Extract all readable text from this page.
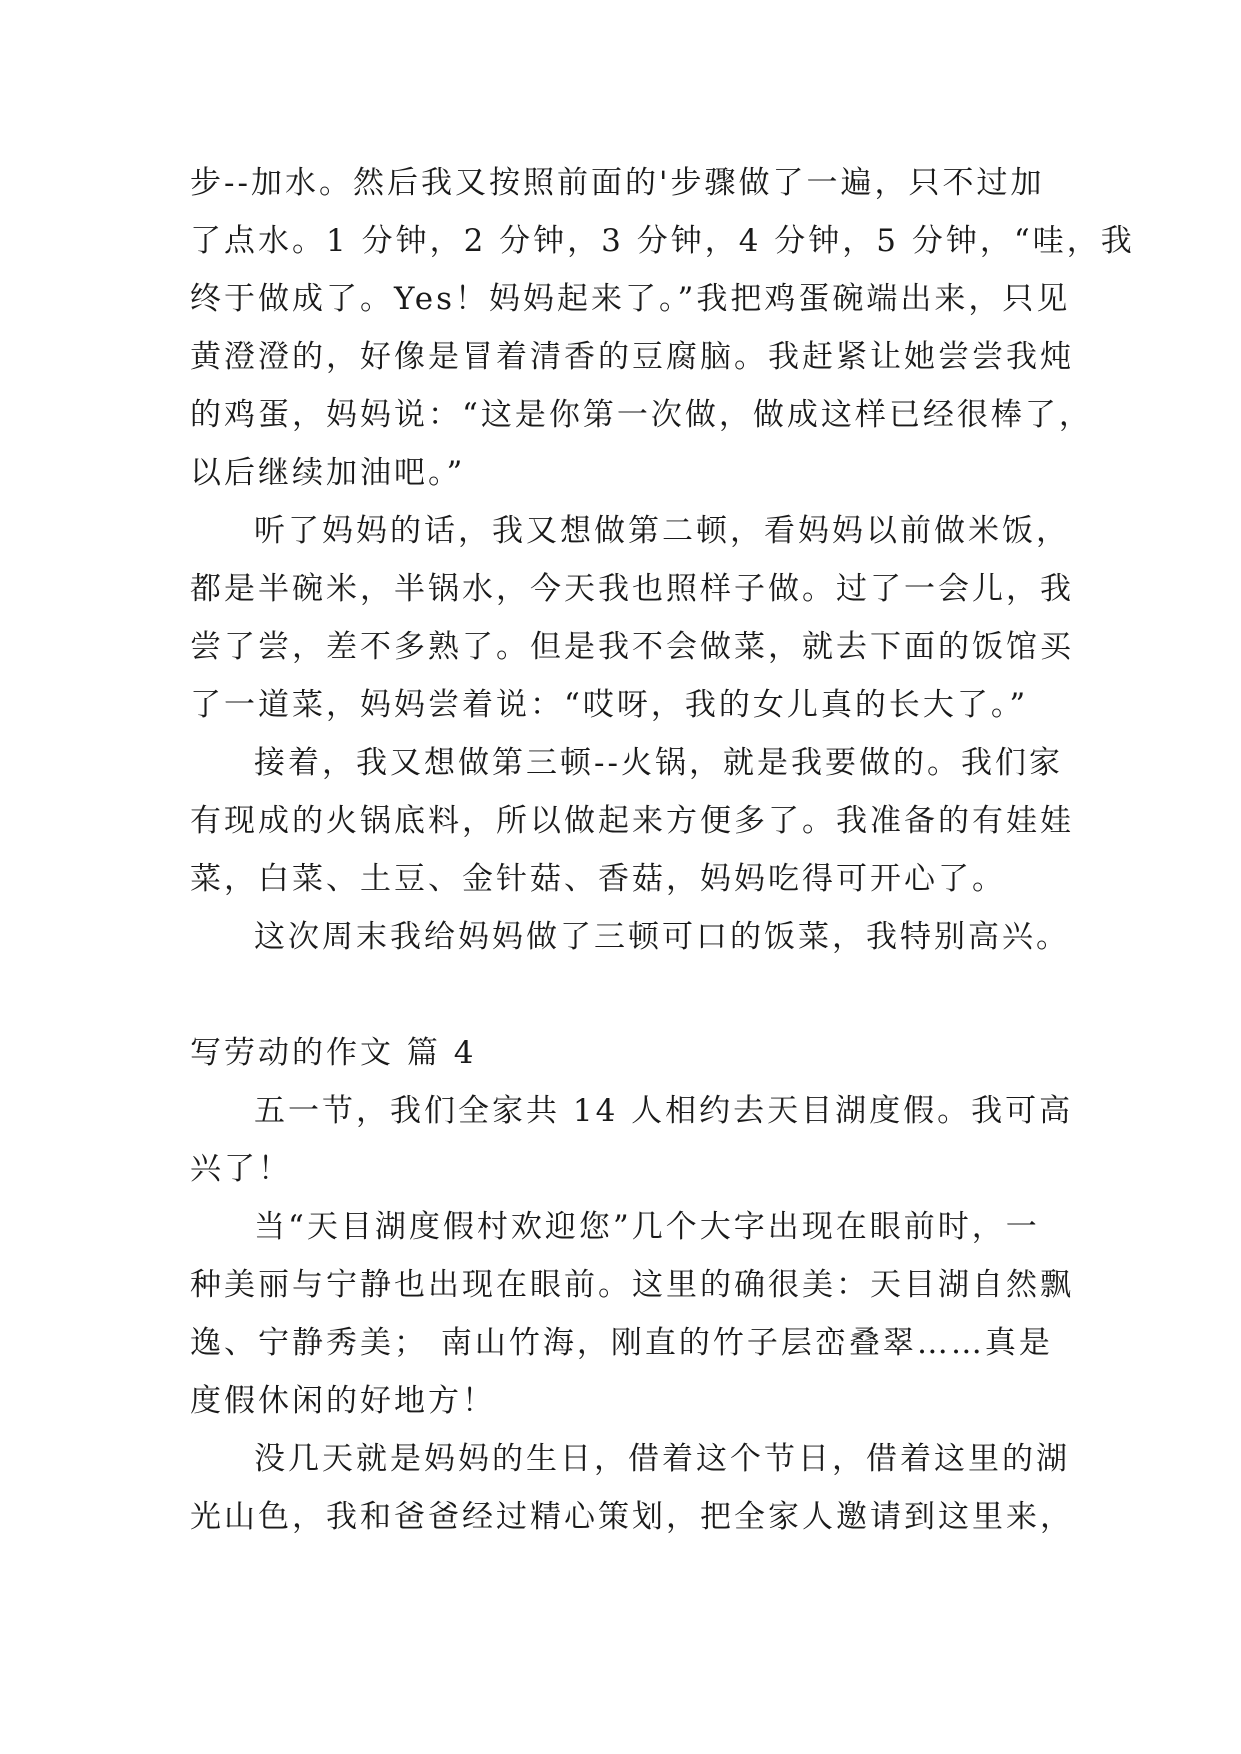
步--加水。然后我又按照前面的'步骤做了一遍，只不过加
了点水。1 分钟，2 分钟，3 分钟，4 分钟，5 分钟，“哇，我
终于做成了。Yes！妈妈起来了。”我把鸡蛋碗端出来，只见
黄澄澄的，好像是冒着清香的豆腐脑。我赶紧让她尝尝我炖
的鸡蛋，妈妈说：“这是你第一次做，做成这样已经很棒了，
以后继续加油吧。”

听了妈妈的话，我又想做第二顿，看妈妈以前做米饭，
都是半碗米，半锅水，今天我也照样子做。过了一会儿，我
尝了尝，差不多熟了。但是我不会做菜，就去下面的饭馆买
了一道菜，妈妈尝着说：“哎呀，我的女儿真的长大了。”

接着，我又想做第三顿--火锅，就是我要做的。我们家
有现成的火锅底料，所以做起来方便多了。我准备的有娃娃
菜，白菜、土豆、金针菇、香菇，妈妈吃得可开心了。

这次周末我给妈妈做了三顿可口的饭菜，我特别高兴。

写劳动的作文 篇 4

五一节，我们全家共 14 人相约去天目湖度假。我可高
兴了！

当“天目湖度假村欢迎您”几个大字出现在眼前时，一
种美丽与宁静也出现在眼前。这里的确很美：天目湖自然飘
逸、宁静秀美； 南山竹海，刚直的竹子层峦叠翠……真是
度假休闲的好地方！

没几天就是妈妈的生日，借着这个节日，借着这里的湖
光山色，我和爸爸经过精心策划，把全家人邀请到这里来，
